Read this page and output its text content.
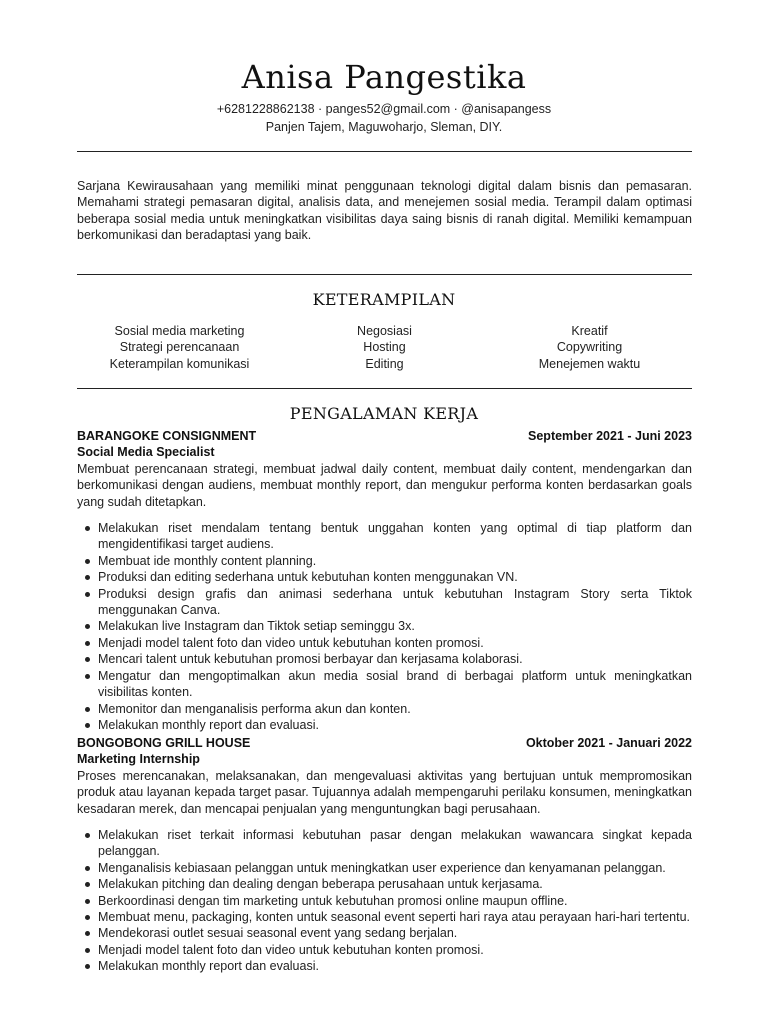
Anisa Pangestika
+6281228862138 · panges52@gmail.com · @anisapangess
Panjen Tajem, Maguwoharjo, Sleman, DIY.
Sarjana Kewirausahaan yang memiliki minat penggunaan teknologi digital dalam bisnis dan pemasaran. Memahami strategi pemasaran digital, analisis data, and menejemen sosial media. Terampil dalam optimasi beberapa sosial media untuk meningkatkan visibilitas daya saing bisnis di ranah digital. Memiliki kemampuan berkomunikasi dan beradaptasi yang baik.
KETERAMPILAN
Sosial media marketing
Strategi perencanaan
Keterampilan komunikasi
Negosiasi
Hosting
Editing
Kreatif
Copywriting
Menejemen waktu
PENGALAMAN KERJA
BARANGOKE CONSIGNMENT	September 2021 - Juni 2023
Social Media Specialist
Membuat perencanaan strategi, membuat jadwal daily content, membuat daily content, mendengarkan dan berkomunikasi dengan audiens, membuat monthly report, dan mengukur performa konten berdasarkan goals yang sudah ditetapkan.
Melakukan riset mendalam tentang bentuk unggahan konten yang optimal di tiap platform dan mengidentifikasi target audiens.
Membuat ide monthly content planning.
Produksi dan editing sederhana untuk kebutuhan konten menggunakan VN.
Produksi design grafis dan animasi sederhana untuk kebutuhan Instagram Story serta Tiktok menggunakan Canva.
Melakukan live Instagram dan Tiktok setiap seminggu 3x.
Menjadi model talent foto dan video untuk kebutuhan konten promosi.
Mencari talent untuk kebutuhan promosi berbayar dan kerjasama kolaborasi.
Mengatur dan mengoptimalkan akun media sosial brand di berbagai platform untuk meningkatkan visibilitas konten.
Memonitor dan menganalisis performa akun dan konten.
Melakukan monthly report dan evaluasi.
BONGOBONG GRILL HOUSE	Oktober 2021 - Januari 2022
Marketing Internship
Proses merencanakan, melaksanakan, dan mengevaluasi aktivitas yang bertujuan untuk mempromosikan produk atau layanan kepada target pasar. Tujuannya adalah mempengaruhi perilaku konsumen, meningkatkan kesadaran merek, dan mencapai penjualan yang menguntungkan bagi perusahaan.
Melakukan riset terkait informasi kebutuhan pasar dengan melakukan wawancara singkat kepada pelanggan.
Menganalisis kebiasaan pelanggan untuk meningkatkan user experience dan kenyamanan pelanggan.
Melakukan pitching dan dealing dengan beberapa perusahaan untuk kerjasama.
Berkoordinasi dengan tim marketing untuk kebutuhan promosi online maupun offline.
Membuat menu, packaging, konten untuk seasonal event seperti hari raya atau perayaan hari-hari tertentu.
Mendekorasi outlet sesuai seasonal event yang sedang berjalan.
Menjadi model talent foto dan video untuk kebutuhan konten promosi.
Melakukan monthly report dan evaluasi.
